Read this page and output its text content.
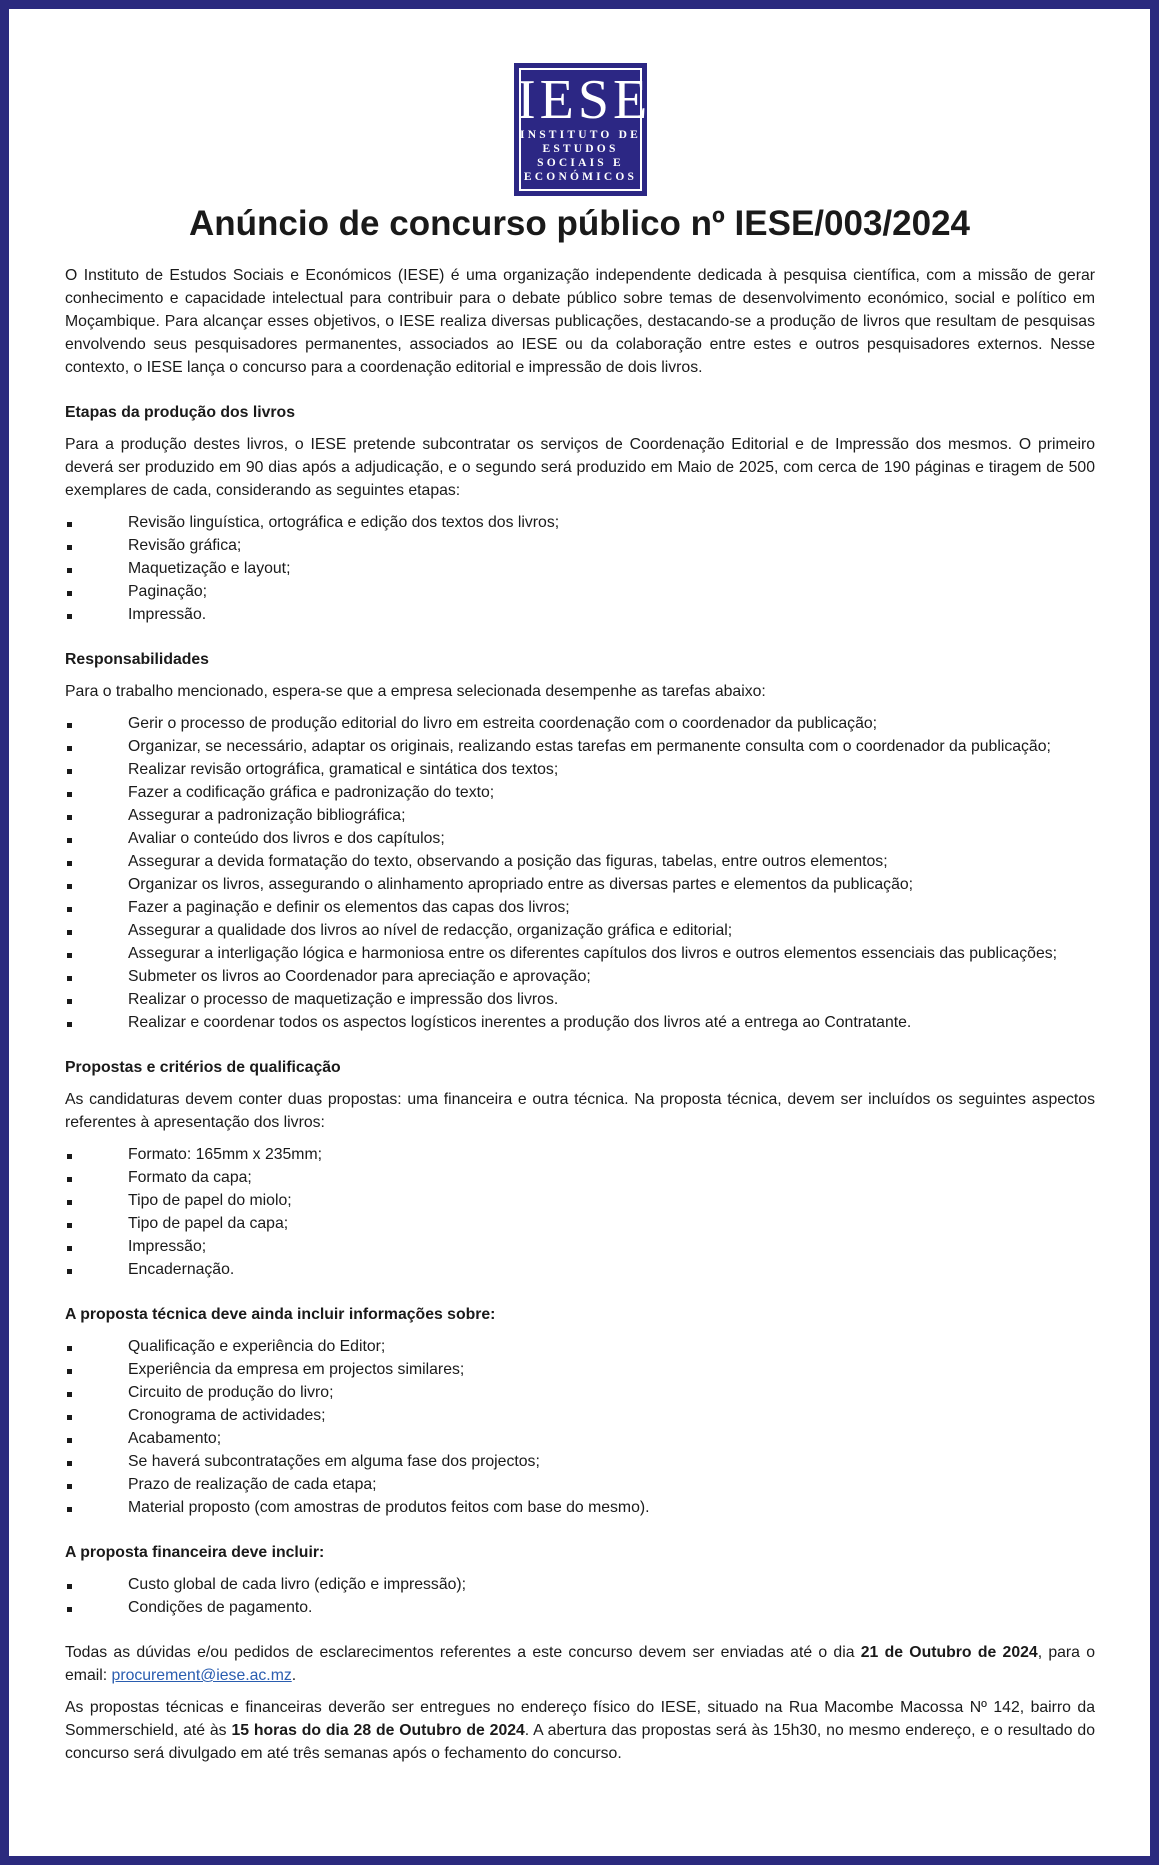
IESE
INSTITUTO DE
ESTUDOS
SOCIAIS E
ECONÓMICOS
Anúncio de concurso público nº IESE/003/2024

O Instituto de Estudos Sociais e Económicos (IESE) é uma organização independente dedicada à pesquisa científica, com a missão de gerar conhecimento e capacidade intelectual para contribuir para o debate público sobre temas de desenvolvimento económico, social e político em Moçambique. Para alcançar esses objetivos, o IESE realiza diversas publicações, destacando-se a produção de livros que resultam de pesquisas envolvendo seus pesquisadores permanentes, associados ao IESE ou da colaboração entre estes e outros pesquisadores externos. Nesse contexto, o IESE lança o concurso para a coordenação editorial e impressão de dois livros.

Etapas da produção dos livros

Para a produção destes livros, o IESE pretende subcontratar os serviços de Coordenação Editorial e de Impressão dos mesmos. O primeiro deverá ser produzido em 90 dias após a adjudicação, e o segundo será produzido em Maio de 2025, com cerca de 190 páginas e tiragem de 500 exemplares de cada, considerando as seguintes etapas:

Revisão linguística, ortográfica e edição dos textos dos livros;
Revisão gráfica;
Maquetização e layout;
Paginação;
Impressão.
Responsabilidades

Para o trabalho mencionado, espera-se que a empresa selecionada desempenhe as tarefas abaixo:

Gerir o processo de produção editorial do livro em estreita coordenação com o coordenador da publicação;
Organizar, se necessário, adaptar os originais, realizando estas tarefas em permanente consulta com o coordenador da publicação;
Realizar revisão ortográfica, gramatical e sintática dos textos;
Fazer a codificação gráfica e padronização do texto;
Assegurar a padronização bibliográfica;
Avaliar o conteúdo dos livros e dos capítulos;
Assegurar a devida formatação do texto, observando a posição das figuras, tabelas, entre outros elementos;
Organizar os livros, assegurando o alinhamento apropriado entre as diversas partes e elementos da publicação;
Fazer a paginação e definir os elementos das capas dos livros;
Assegurar a qualidade dos livros ao nível de redacção, organização gráfica e editorial;
Assegurar a interligação lógica e harmoniosa entre os diferentes capítulos dos livros e outros elementos essenciais das publicações;
Submeter os livros ao Coordenador para apreciação e aprovação;
Realizar o processo de maquetização e impressão dos livros.
Realizar e coordenar todos os aspectos logísticos inerentes a produção dos livros até a entrega ao Contratante.
Propostas e critérios de qualificação

As candidaturas devem conter duas propostas: uma financeira e outra técnica. Na proposta técnica, devem ser incluídos os seguintes aspectos referentes à apresentação dos livros:

Formato: 165mm x 235mm;
Formato da capa;
Tipo de papel do miolo;
Tipo de papel da capa;
Impressão;
Encadernação.
A proposta técnica deve ainda incluir informações sobre:
Qualificação e experiência do Editor;
Experiência da empresa em projectos similares;
Circuito de produção do livro;
Cronograma de actividades;
Acabamento;
Se haverá subcontratações em alguma fase dos projectos;
Prazo de realização de cada etapa;
Material proposto (com amostras de produtos feitos com base do mesmo).
A proposta financeira deve incluir:
Custo global de cada livro (edição e impressão);
Condições de pagamento.

Todas as dúvidas e/ou pedidos de esclarecimentos referentes a este concurso devem ser enviadas até o dia 21 de Outubro de 2024, para o email: procurement@iese.ac.mz.

As propostas técnicas e financeiras deverão ser entregues no endereço físico do IESE, situado na Rua Macombe Macossa Nº 142, bairro da Sommerschield, até às 15 horas do dia 28 de Outubro de 2024. A abertura das propostas será às 15h30, no mesmo endereço, e o resultado do concurso será divulgado em até três semanas após o fechamento do concurso.
